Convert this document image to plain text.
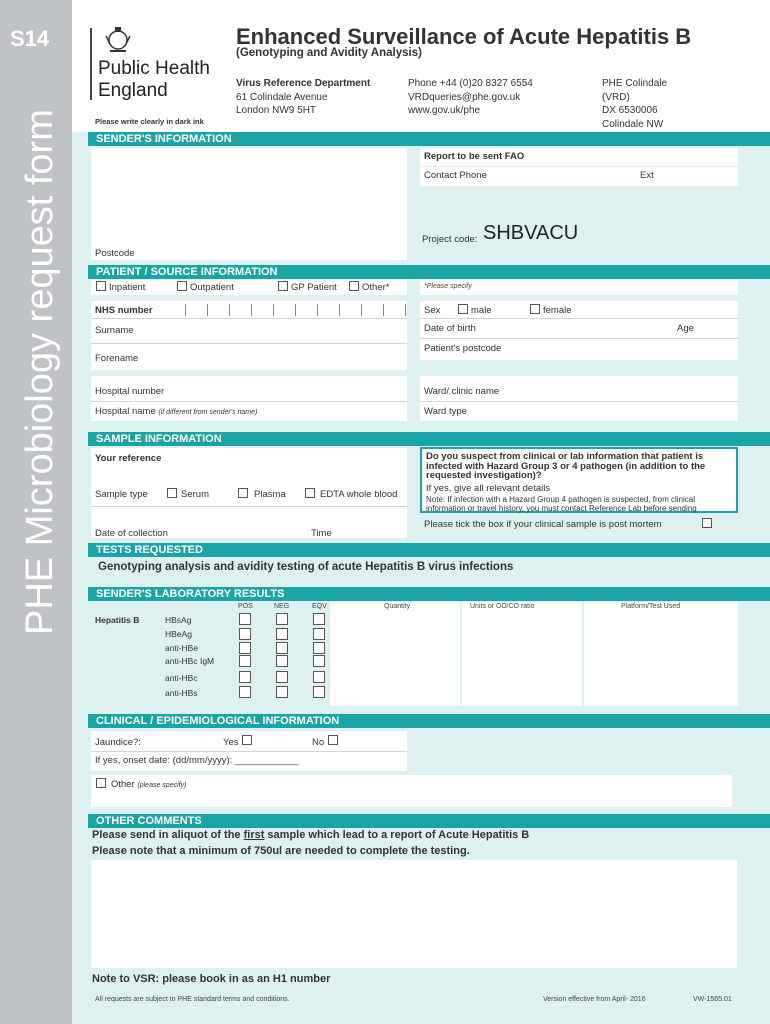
S14
PHE Microbiology request form
Public Health
England
Enhanced Surveillance of Acute Hepatitis B
(Genotyping and Avidity Analysis)
Virus Reference Department
61 Colindale Avenue
London NW9 5HT
Phone +44 (0)20 8327 6554
VRDqueries@phe.gov.uk
www.gov.uk/phe
PHE Colindale
(VRD)
DX 6530006
Colindale NW
Please write clearly in dark ink
SENDER'S INFORMATION
Postcode
Report to be sent FAO
Contact Phone	Ext
Project code: SHBVACU
PATIENT / SOURCE INFORMATION
Inpatient	Outpatient	GP Patient	Other*	*Please specify
NHS number
Surname
Forename
Sex	male	female
Date of birth	Age
Patient's postcode
Hospital number
Hospital name (if different from sender's name)
Ward/ clinic name
Ward type
SAMPLE INFORMATION
Your reference
Sample type	Serum	Plasma	EDTA whole blood
Date of collection	Time
Do you suspect from clinical or lab information that patient is
infected with Hazard Group 3 or 4 pathogen (in addition to the
requested investigation)?
If yes, give all relevant details
Note: If infection with a Hazard Group 4 pathogen is suspected, from clinical
information or travel history, you must contact Reference Lab before sending
Please tick the box if your clinical sample is post mortem
TESTS REQUESTED
Genotyping analysis and avidity testing of acute Hepatitis B virus infections
SENDER'S LABORATORY RESULTS
POS	NEG	EQV	Quantity	Units or OD/CO ratio	Platform/Test Used
Hepatitis B	HBsAg
HBeAg
anti-HBe
anti-HBc IgM
anti-HBc
anti-HBs
CLINICAL / EPIDEMIOLOGICAL INFORMATION
Jaundice?:	Yes	No
If yes, onset date: (dd/mm/yyyy): ____________
Other (please specify)
OTHER COMMENTS
Please send in aliquot of the first sample which lead to a report of Acute Hepatitis B
Please note that a minimum of 750ul are needed to complete the testing.
Note to VSR: please book in as an H1 number
All requests are subject to PHE standard terms and conditions.	Version effective from April- 2016	VW-1565.01
